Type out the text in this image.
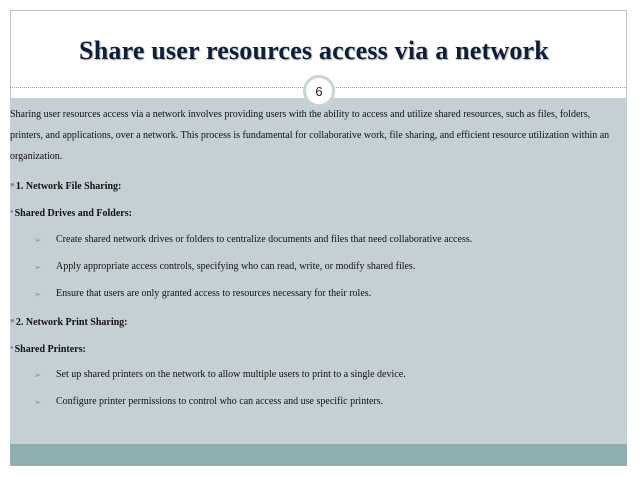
Share user resources access via a network
6

Sharing user resources access via a network involves providing users with the ability to access and utilize shared resources, such as files, folders, printers, and applications, over a network. This process is fundamental for collaborative work, file sharing, and efficient resource utilization within an organization.

●1. Network File Sharing:
●Shared Drives and Folders:
➢ Create shared network drives or folders to centralize documents and files that need collaborative access.
➢ Apply appropriate access controls, specifying who can read, write, or modify shared files.
➢ Ensure that users are only granted access to resources necessary for their roles.
●2. Network Print Sharing:
●Shared Printers:
➢ Set up shared printers on the network to allow multiple users to print to a single device.
➢ Configure printer permissions to control who can access and use specific printers.
